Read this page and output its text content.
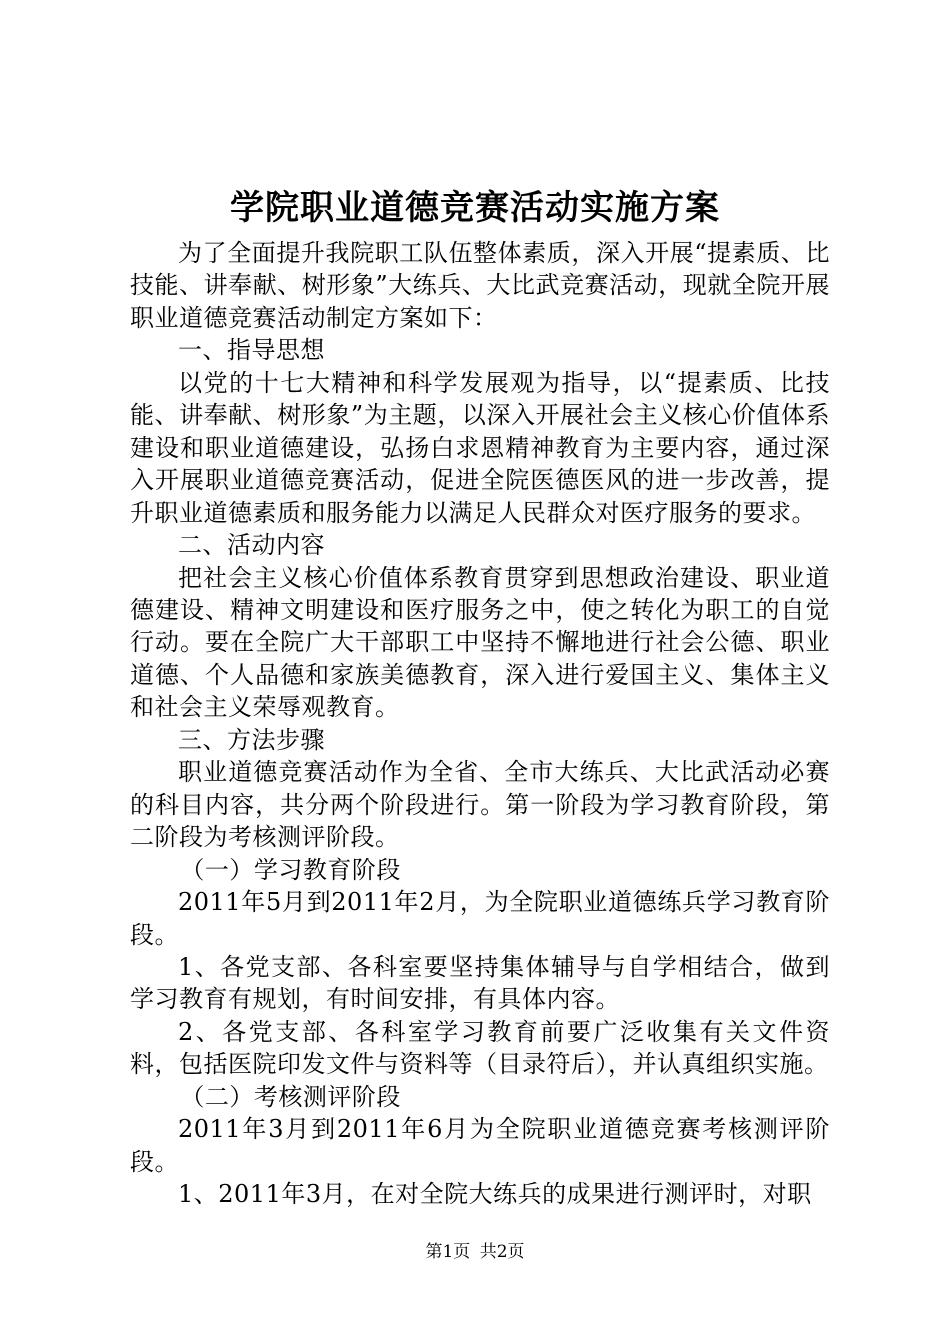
学院职业道德竞赛活动实施方案

为了全面提升我院职工队伍整体素质，深入开展“提素质、比技能、讲奉献、树形象”大练兵、大比武竞赛活动，现就全院开展职业道德竞赛活动制定方案如下：

一、指导思想

以党的十七大精神和科学发展观为指导，以“提素质、比技能、讲奉献、树形象”为主题，以深入开展社会主义核心价值体系建设和职业道德建设，弘扬白求恩精神教育为主要内容，通过深入开展职业道德竞赛活动，促进全院医德医风的进一步改善，提升职业道德素质和服务能力以满足人民群众对医疗服务的要求。

二、活动内容

把社会主义核心价值体系教育贯穿到思想政治建设、职业道德建设、精神文明建设和医疗服务之中，使之转化为职工的自觉行动。要在全院广大干部职工中坚持不懈地进行社会公德、职业道德、个人品德和家族美德教育，深入进行爱国主义、集体主义和社会主义荣辱观教育。

三、方法步骤

职业道德竞赛活动作为全省、全市大练兵、大比武活动必赛的科目内容，共分两个阶段进行。第一阶段为学习教育阶段，第二阶段为考核测评阶段。

（一）学习教育阶段

2011年5月到2011年2月，为全院职业道德练兵学习教育阶段。

1、各党支部、各科室要坚持集体辅导与自学相结合，做到学习教育有规划，有时间安排，有具体内容。

2、各党支部、各科室学习教育前要广泛收集有关文件资料，包括医院印发文件与资料等（目录符后），并认真组织实施。

（二）考核测评阶段

2011年3月到2011年6月为全院职业道德竞赛考核测评阶段。

1、2011年3月，在对全院大练兵的成果进行测评时，对职

第1页 共2页
